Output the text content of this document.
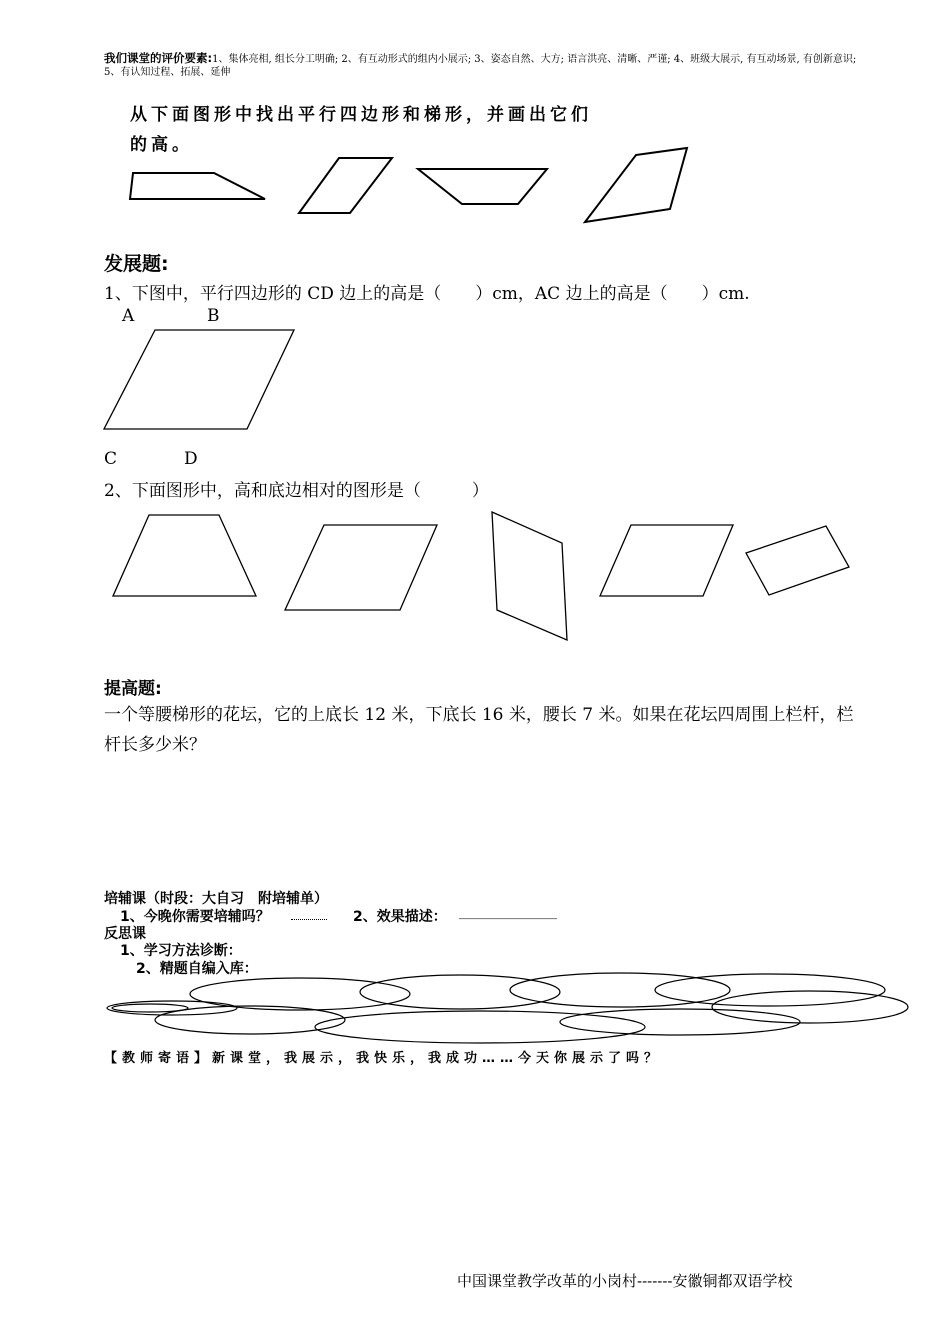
我们课堂的评价要素:1、集体亮相, 组长分工明确; 2、有互动形式的组内小展示; 3、姿态自然、大方; 语言洪亮、清晰、严谨; 4、班级大展示, 有互动场景, 有创新意识; 5、有认知过程、拓展、延伸
从下面图形中找出平行四边形和梯形，并画出它们
的高。
发展题:
1、下图中，平行四边形的 CD 边上的高是（　　）cm，AC 边上的高是（　　）cm.
A	B
C	D
2、下面图形中，高和底边相对的图形是（　　　）
提高题:
一个等腰梯形的花坛，它的上底长 12 米，下底长 16 米，腰长 7 米。如果在花坛四周围上栏杆，栏杆长多少米？
培辅课（时段：大自习　附培辅单）
1、今晚你需要培辅吗？	2、效果描述： ______________
反思课
1、学习方法诊断：
2、精题自编入库：
【教师寄语】新课堂，我展示，我快乐，我成功……今天你展示了吗？
中国课堂教学改革的小岗村-------安徽铜都双语学校
